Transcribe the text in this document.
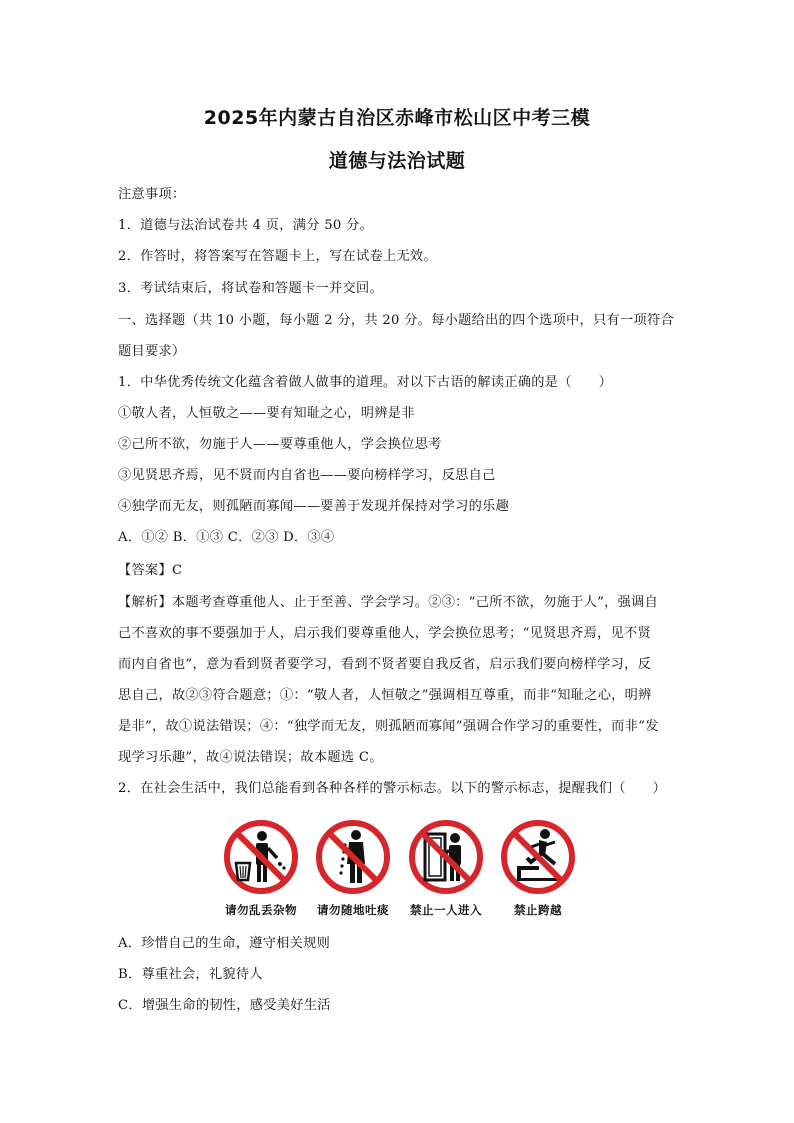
2025年内蒙古自治区赤峰市松山区中考三模
道德与法治试题
注意事项：
1．道德与法治试卷共 4 页，满分 50 分。
2．作答时，将答案写在答题卡上，写在试卷上无效。
3．考试结束后，将试卷和答题卡一并交回。
一、选择题（共 10 小题，每小题 2 分，共 20 分。每小题给出的四个选项中，只有一项符合
题目要求）
1．中华优秀传统文化蕴含着做人做事的道理。对以下古语的解读正确的是（　　）
①敬人者，人恒敬之——要有知耻之心，明辨是非
②己所不欲，勿施于人——要尊重他人，学会换位思考
③见贤思齐焉，见不贤而内自省也——要向榜样学习，反思自己
④独学而无友，则孤陋而寡闻——要善于发现并保持对学习的乐趣
A．①② B．①③ C．②③ D．③④
【答案】C
【解析】本题考查尊重他人、止于至善、学会学习。②③：“己所不欲，勿施于人”，强调自
己不喜欢的事不要强加于人，启示我们要尊重他人，学会换位思考；“见贤思齐焉，见不贤
而内自省也”，意为看到贤者要学习，看到不贤者要自我反省，启示我们要向榜样学习，反
思自己，故②③符合题意；①：“敬人者，人恒敬之”强调相互尊重，而非“知耻之心，明辨
是非”，故①说法错误；④：“独学而无友，则孤陋而寡闻”强调合作学习的重要性，而非“发
现学习乐趣”，故④说法错误；故本题选 C。
2．在社会生活中，我们总能看到各种各样的警示标志。以下的警示标志，提醒我们（　　）
请勿乱丢杂物	请勿随地吐痰	禁止一人进入	禁止跨越
A．珍惜自己的生命，遵守相关规则
B．尊重社会，礼貌待人
C．增强生命的韧性，感受美好生活
